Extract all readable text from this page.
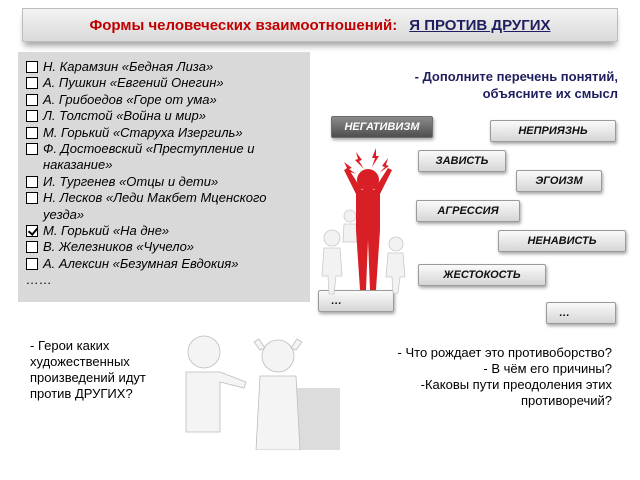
Формы человеческих взаимоотношений: Я ПРОТИВ ДРУГИХ
Н. Карамзин «Бедная Лиза»
А. Пушкин «Евгений Онегин»
А. Грибоедов «Горе от ума»
Л. Толстой «Война и мир»
М. Горький «Старуха Изергиль»
Ф. Достоевский «Преступление и наказание»
И. Тургенев «Отцы и дети»
Н. Лесков «Леди Макбет Мценского уезда»
М. Горький «На дне»
В. Железников «Чучело»
А. Алексин «Безумная Евдокия»
……
- Дополните перечень понятий,
объясните их смысл
НЕГАТИВИЗМ	НЕПРИЯЗНЬ
ЗАВИСТЬ
ЭГОИЗМ
АГРЕССИЯ
НЕНАВИСТЬ
ЖЕСТОКОСТЬ
…
…
- Герои каких художественных произведений идут против ДРУГИХ?
- Что рождает это противоборство?
- В чём его причины?
-Каковы пути преодоления этих противоречий?
